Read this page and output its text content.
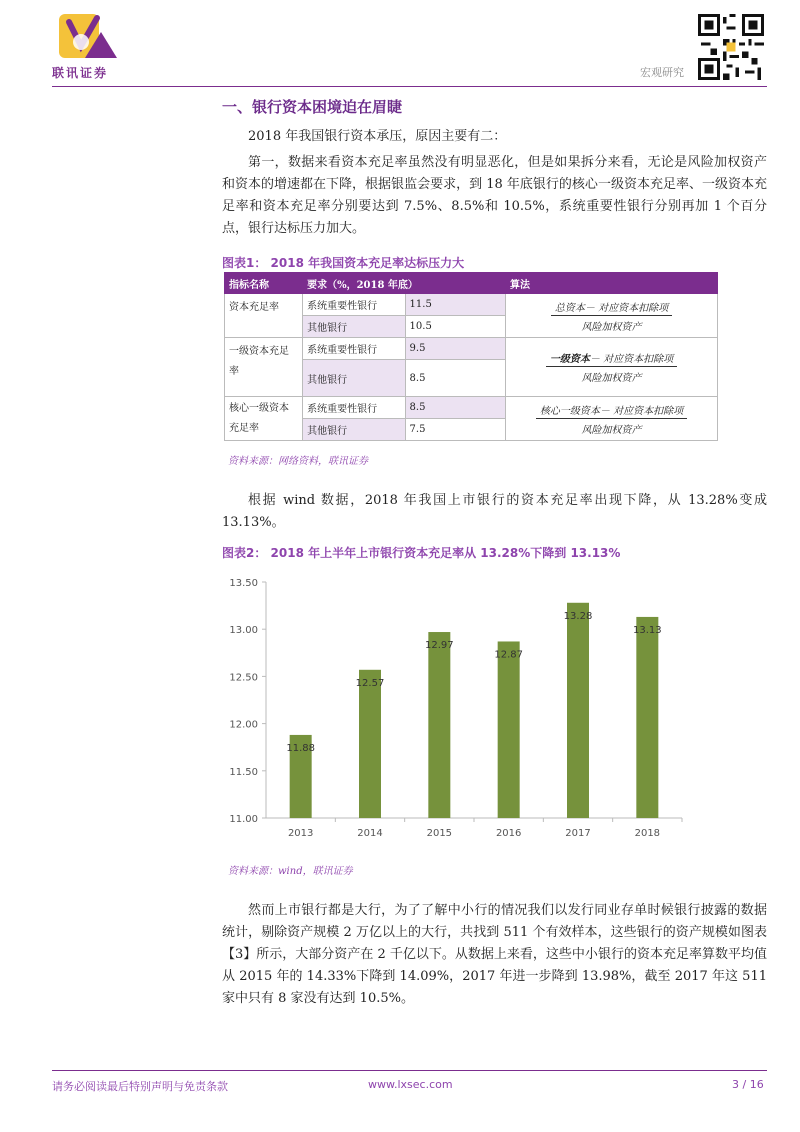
联讯证券	宏观研究
一、银行资本困境迫在眉睫
2018 年我国银行资本承压，原因主要有二：
第一，数据来看资本充足率虽然没有明显恶化，但是如果拆分来看，无论是风险加权资产和资本的增速都在下降，根据银监会要求，到 18 年底银行的核心一级资本充足率、一级资本充足率和资本充足率分别要达到 7.5%、8.5%和 10.5%，系统重要性银行分别再加 1 个百分点，银行达标压力加大。
图表1： 2018 年我国资本充足率达标压力大
指标名称	要求（%，2018 年底）		算法
资本充足率	系统重要性银行	11.5	总资本－ 对应资本扣除项
风险加权资产

	其他银行	10.5	
一级资本充足率	系统重要性银行	9.5	一级资本－ 对应资本扣除项
风险加权资产

	其他银行	8.5	
核心一级资本充足率	系统重要性银行	8.5	核心一级资本－ 对应资本扣除项
风险加权资产

	其他银行	7.5	
资料来源：网络资料，联讯证券
根据 wind 数据，2018 年我国上市银行的资本充足率出现下降，从 13.28%变成 13.13%。
图表2： 2018 年上半年上市银行资本充足率从 13.28%下降到 13.13%
11.00
11.50
12.00
12.50
13.00
13.50
11.88
2013
12.57
2014
12.97
2015
12.87
2016
13.28
2017
13.13
2018
资料来源：wind，联讯证券
然而上市银行都是大行，为了了解中小行的情况我们以发行同业存单时候银行披露的数据统计，剔除资产规模 2 万亿以上的大行，共找到 511 个有效样本，这些银行的资产规模如图表【3】所示，大部分资产在 2 千亿以下。从数据上来看，这些中小银行的资本充足率算数平均值从 2015 年的 14.33%下降到 14.09%，2017 年进一步降到 13.98%，截至 2017 年这 511 家中只有 8 家没有达到 10.5%。
请务必阅读最后特别声明与免责条款	www.lxsec.com	3 / 16
